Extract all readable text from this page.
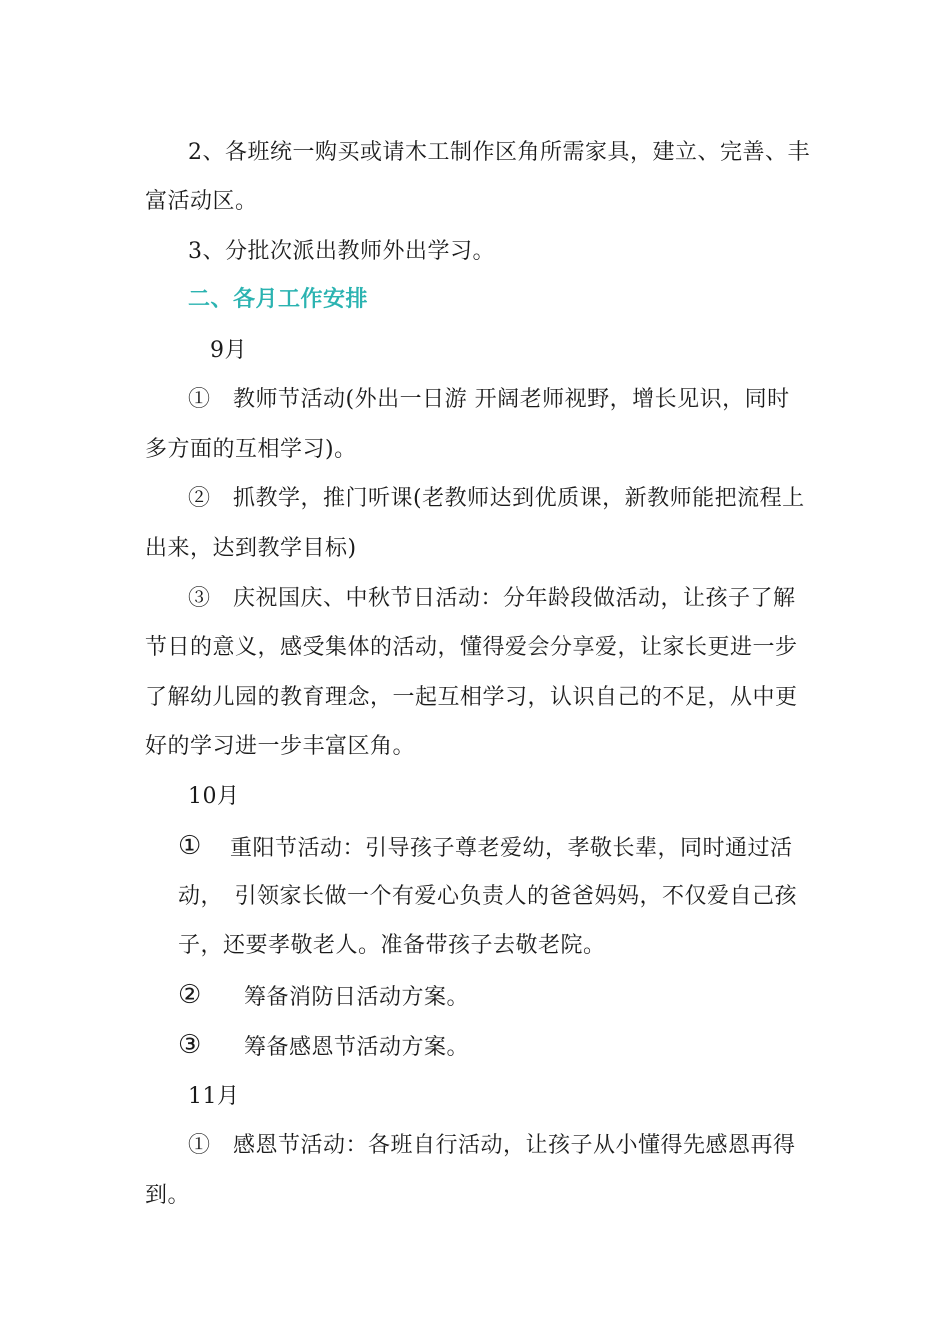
2、各班统一购买或请木工制作区角所需家具，建立、完善、丰
富活动区。
3、分批次派出教师外出学习。
二、各月工作安排
9月
①　教师节活动(外出一日游 开阔老师视野，增长见识，同时
多方面的互相学习)。
②　抓教学，推门听课(老教师达到优质课，新教师能把流程上
出来，达到教学目标)
③　庆祝国庆、中秋节日活动：分年龄段做活动，让孩子了解
节日的意义，感受集体的活动，懂得爱会分享爱，让家长更进一步
了解幼儿园的教育理念，一起互相学习，认识自己的不足，从中更
好的学习进一步丰富区角。
10月
① 重阳节活动：引导孩子尊老爱幼，孝敬长辈，同时通过活
动，　引领家长做一个有爱心负责人的爸爸妈妈，不仅爱自己孩
子，还要孝敬老人。准备带孩子去敬老院。
② 筹备消防日活动方案。
③ 筹备感恩节活动方案。
11月
①　感恩节活动：各班自行活动，让孩子从小懂得先感恩再得
到。
